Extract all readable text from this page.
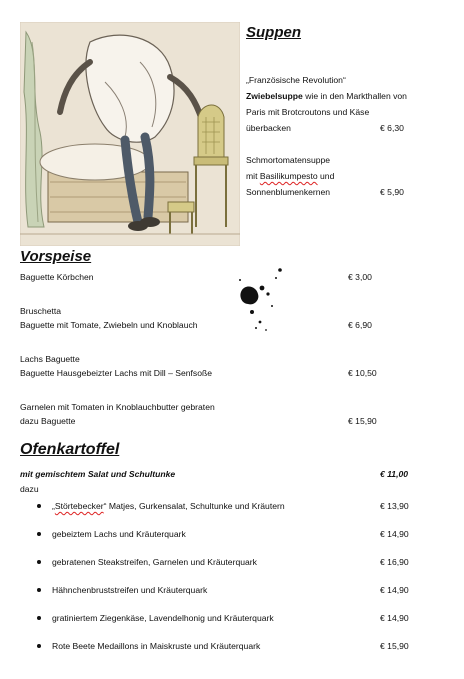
Suppen
„Französische Revolution“
Zwiebelsuppe wie in den Markthallen von
Paris mit Brotcroutons und Käse
überbacken	€ 6,30
Schmortomatensuppe
mit Basilikumpesto und
Sonnenblumenkernen	€ 5,90
Vorspeise
Baguette Körbchen	€ 3,00
Bruschetta
Baguette mit Tomate, Zwiebeln und Knoblauch	€ 6,90
Lachs Baguette
Baguette Hausgebeizter Lachs mit Dill – Senfsoße	€ 10,50
Garnelen mit Tomaten in Knoblauchbutter gebraten
dazu Baguette	€ 15,90
Ofenkartoffel
mit gemischtem Salat und Schultunke	€ 11,00
dazu
„Störtebecker“ Matjes, Gurkensalat, Schultunke und Kräutern	€ 13,90
gebeiztem Lachs und Kräuterquark	€ 14,90
gebratenen Steakstreifen, Garnelen und Kräuterquark	€ 16,90
Hähnchenbruststreifen und Kräuterquark	€ 14,90
gratiniertem Ziegenkäse, Lavendelhonig und Kräuterquark	€ 14,90
Rote Beete Medaillons in Maiskruste und Kräuterquark	€ 15,90
